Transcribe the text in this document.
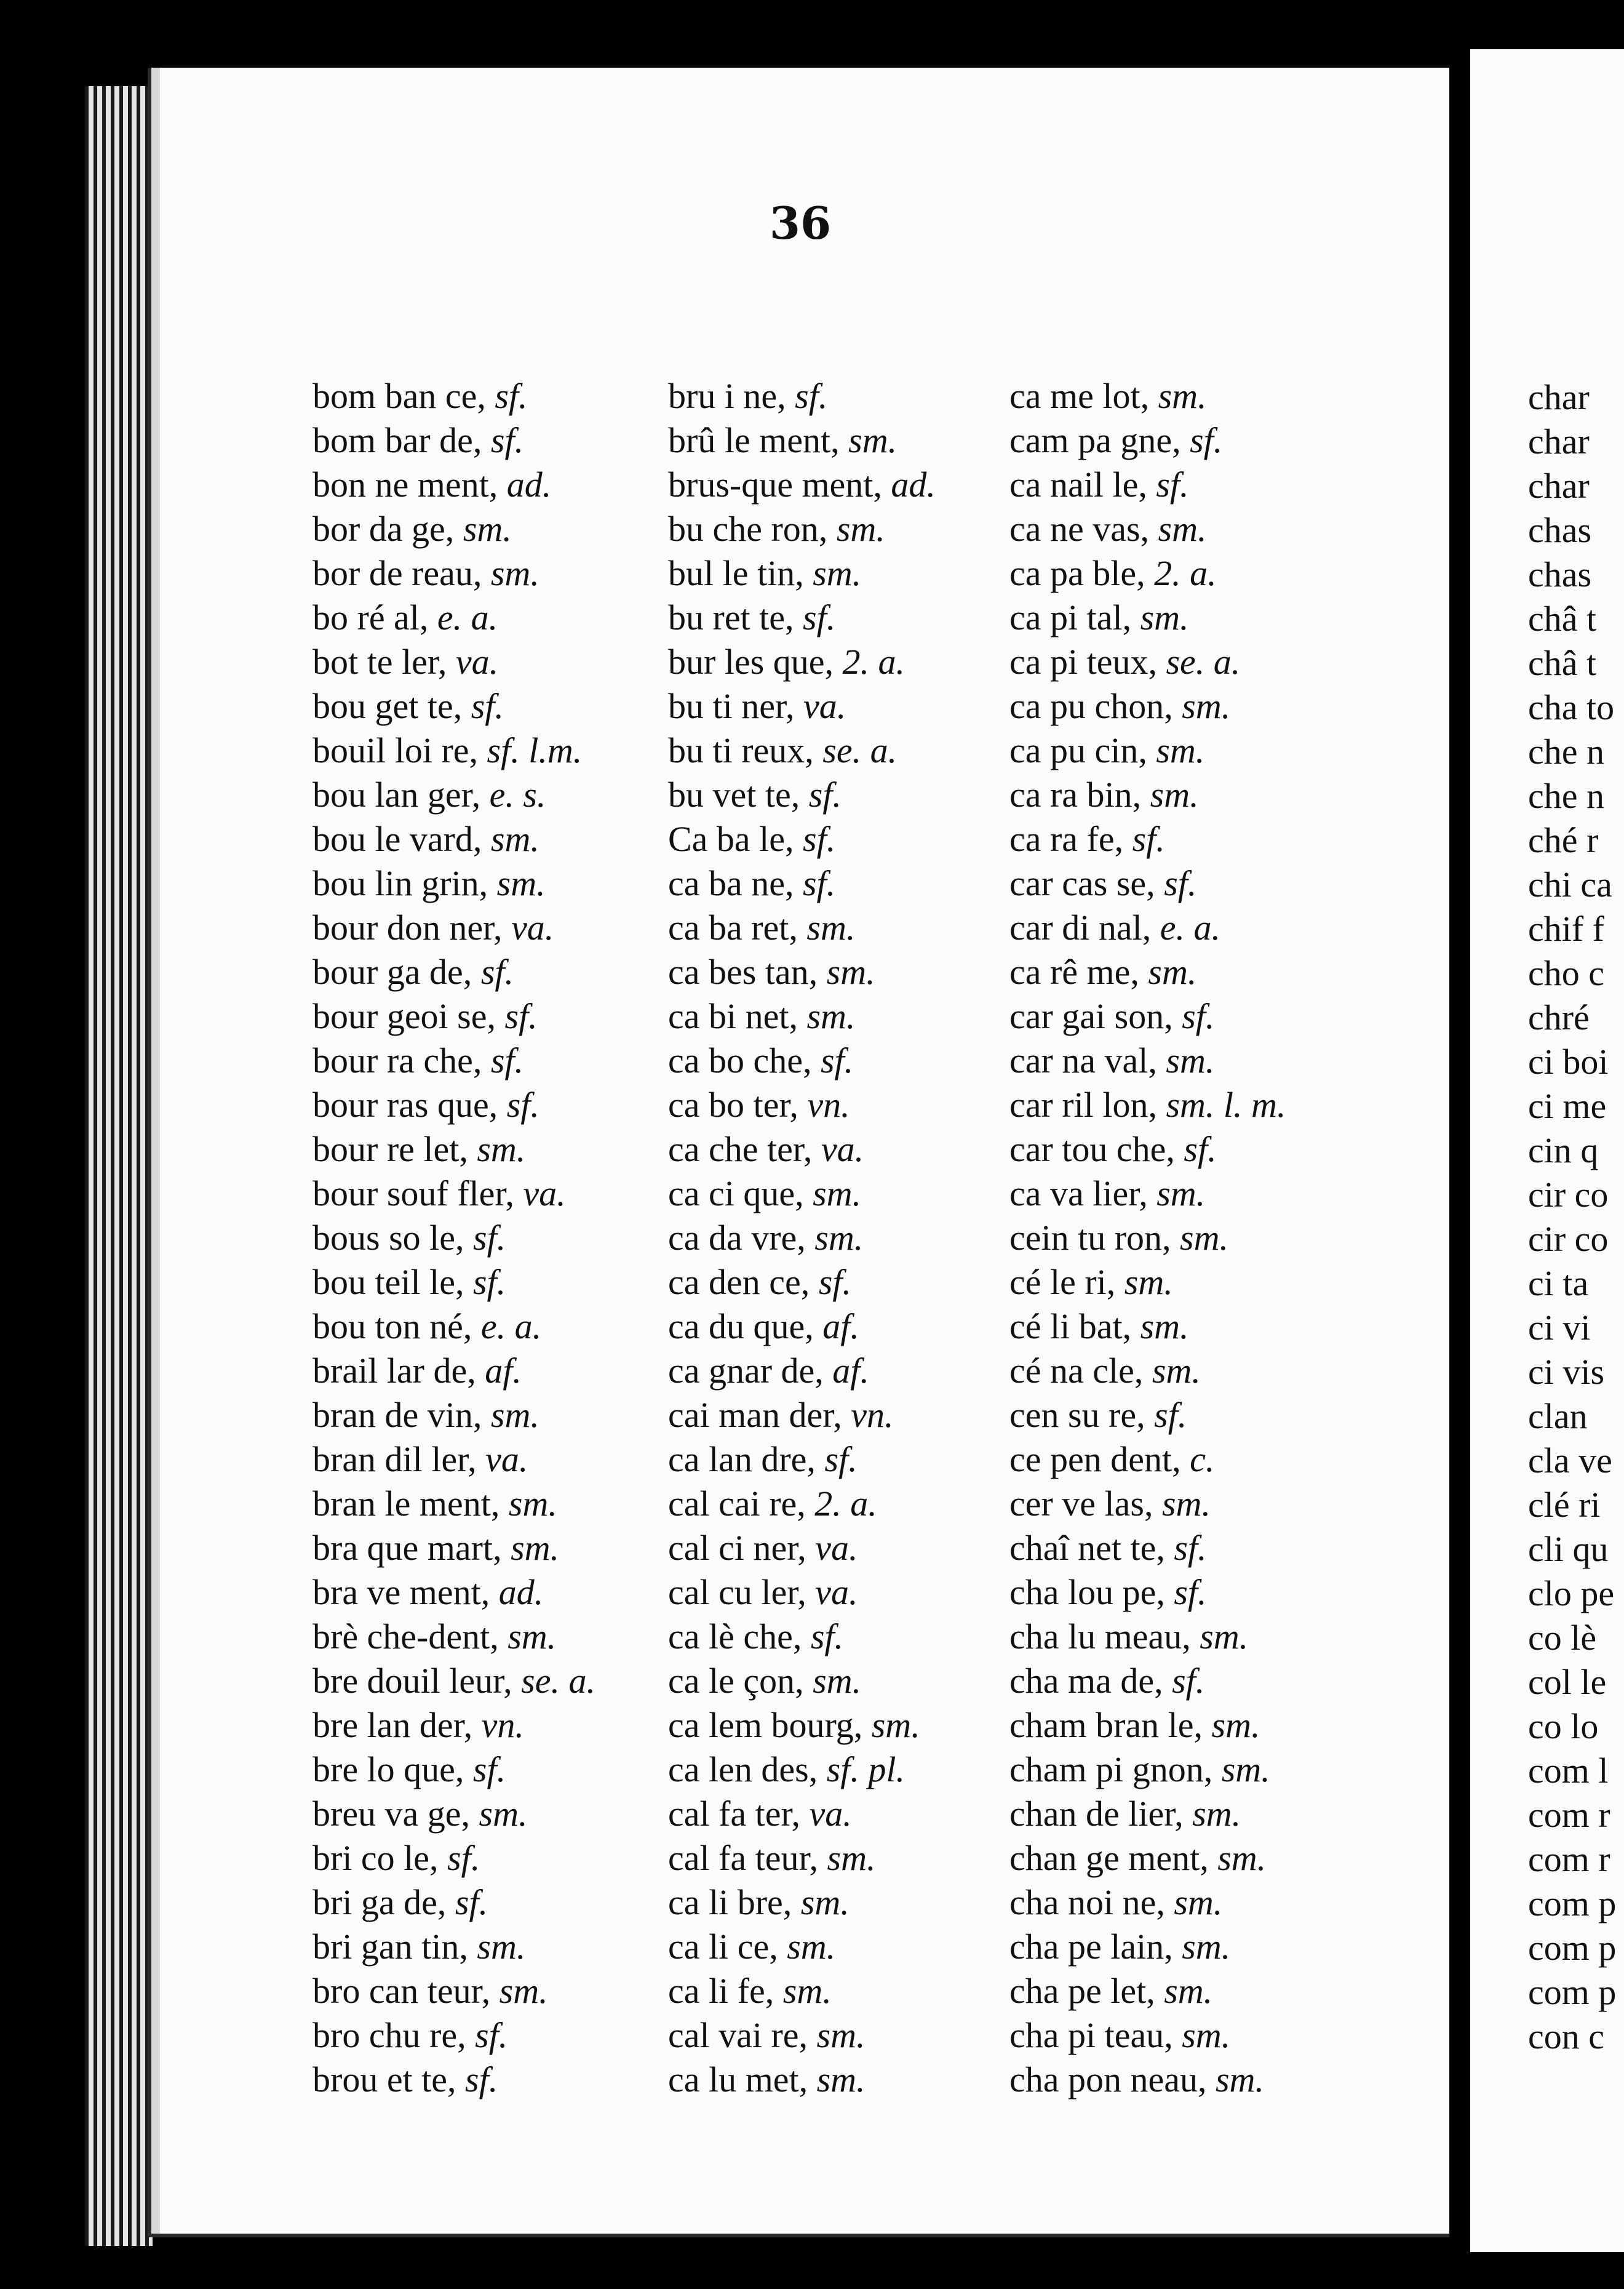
36
bom ban ce, sf.
bom bar de, sf.
bon ne ment, ad.
bor da ge, sm.
bor de reau, sm.
bo ré al, e. a.
bot te ler, va.
bou get te, sf.
bouil loi re, sf. l.m.
bou lan ger, e. s.
bou le vard, sm.
bou lin grin, sm.
bour don ner, va.
bour ga de, sf.
bour geoi se, sf.
bour ra che, sf.
bour ras que, sf.
bour re let, sm.
bour souf fler, va.
bous so le, sf.
bou teil le, sf.
bou ton né, e. a.
brail lar de, af.
bran de vin, sm.
bran dil ler, va.
bran le ment, sm.
bra que mart, sm.
bra ve ment, ad.
brè che-dent, sm.
bre douil leur, se. a.
bre lan der, vn.
bre lo que, sf.
breu va ge, sm.
bri co le, sf.
bri ga de, sf.
bri gan tin, sm.
bro can teur, sm.
bro chu re, sf.
brou et te, sf.
bru i ne, sf.
brû le ment, sm.
brus-que ment, ad.
bu che ron, sm.
bul le tin, sm.
bu ret te, sf.
bur les que, 2. a.
bu ti ner, va.
bu ti reux, se. a.
bu vet te, sf.
Ca ba le, sf.
ca ba ne, sf.
ca ba ret, sm.
ca bes tan, sm.
ca bi net, sm.
ca bo che, sf.
ca bo ter, vn.
ca che ter, va.
ca ci que, sm.
ca da vre, sm.
ca den ce, sf.
ca du que, af.
ca gnar de, af.
cai man der, vn.
ca lan dre, sf.
cal cai re, 2. a.
cal ci ner, va.
cal cu ler, va.
ca lè che, sf.
ca le çon, sm.
ca lem bourg, sm.
ca len des, sf. pl.
cal fa ter, va.
cal fa teur, sm.
ca li bre, sm.
ca li ce, sm.
ca li fe, sm.
cal vai re, sm.
ca lu met, sm.
ca me lot, sm.
cam pa gne, sf.
ca nail le, sf.
ca ne vas, sm.
ca pa ble, 2. a.
ca pi tal, sm.
ca pi teux, se. a.
ca pu chon, sm.
ca pu cin, sm.
ca ra bin, sm.
ca ra fe, sf.
car cas se, sf.
car di nal, e. a.
ca rê me, sm.
car gai son, sf.
car na val, sm.
car ril lon, sm. l. m.
car tou che, sf.
ca va lier, sm.
cein tu ron, sm.
cé le ri, sm.
cé li bat, sm.
cé na cle, sm.
cen su re, sf.
ce pen dent, c.
cer ve las, sm.
chaî net te, sf.
cha lou pe, sf.
cha lu meau, sm.
cha ma de, sf.
cham bran le, sm.
cham pi gnon, sm.
chan de lier, sm.
chan ge ment, sm.
cha noi ne, sm.
cha pe lain, sm.
cha pe let, sm.
cha pi teau, sm.
cha pon neau, sm.
char
char
char
chas
chas
châ t
châ t
cha to
che n
che n
ché r
chi ca
chif f
cho c
chré
ci boi
ci me
cin q
cir co
cir co
ci ta
ci vi
ci vis
clan
cla ve
clé ri
cli qu
clo pe
co lè
col le
co lo
com l
com r
com r
com p
com p
com p
con c
